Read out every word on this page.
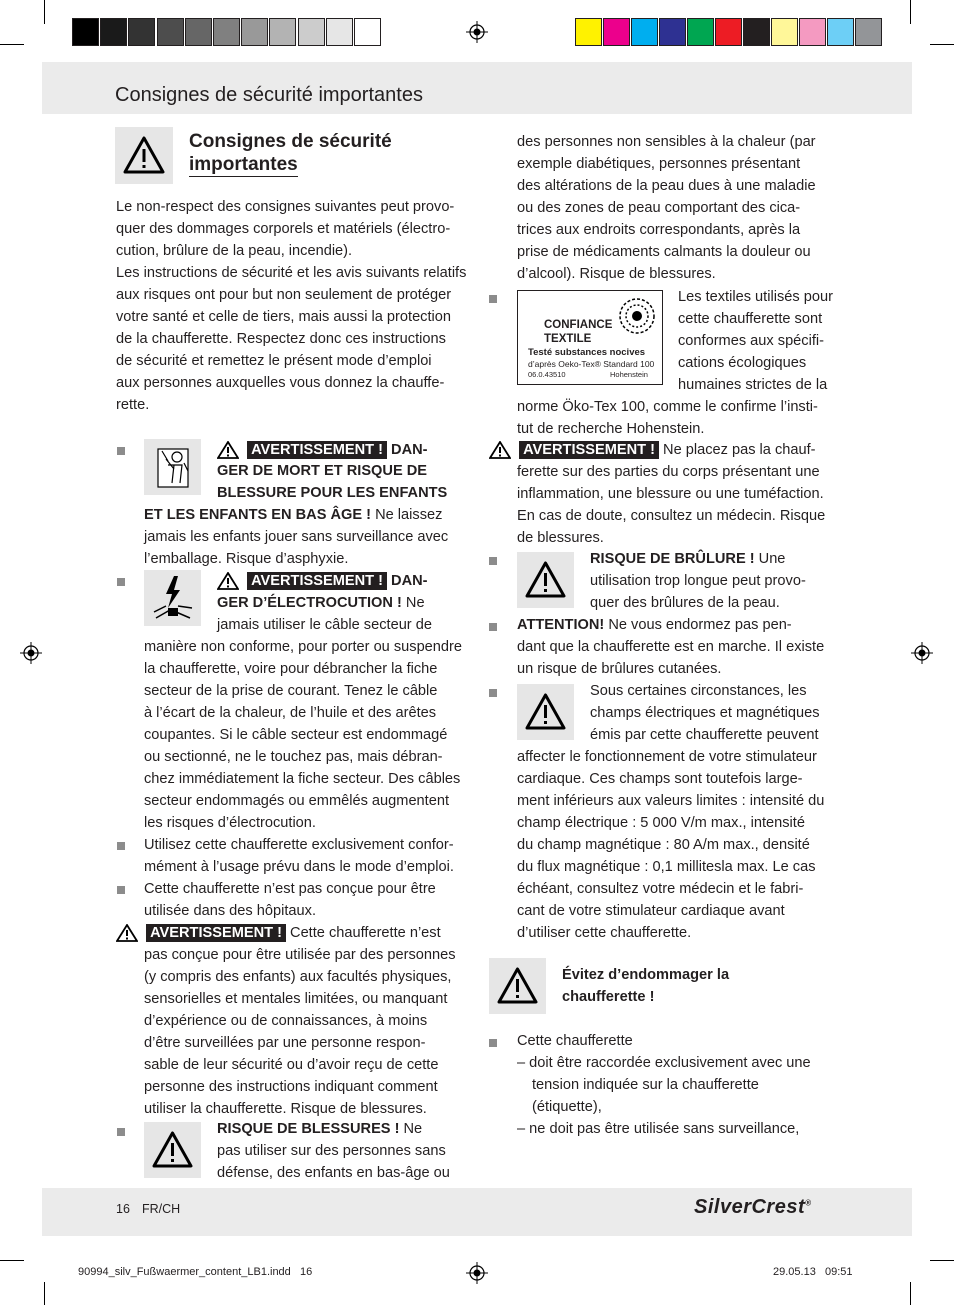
Consignes de sécurité importantes
Consignes de sécurité
importantes
Le non-respect des consignes suivantes peut provo-
quer des dommages corporels et matériels (électro-
cution, brûlure de la peau, incendie).
Les instructions de sécurité et les avis suivants relatifs
aux risques ont pour but non seulement de protéger
votre santé et celle de tiers, mais aussi la protection
de la chaufferette. Respectez donc ces instructions
de sécurité et remettez le présent mode d’emploi
aux personnes auxquelles vous donnez la chauffe-
rette.
AVERTISSEMENT ! DAN-
GER DE MORT ET RISQUE DE
BLESSURE POUR LES ENFANTS
ET LES ENFANTS EN BAS ÂGE ! Ne laissez
jamais les enfants jouer sans surveillance avec
l’emballage. Risque d’asphyxie.
AVERTISSEMENT ! DAN-
GER D’ÉLECTROCUTION ! Ne
jamais utiliser le câble secteur de
manière non conforme, pour porter ou suspendre
la chaufferette, voire pour débrancher la fiche
secteur de la prise de courant. Tenez le câble
à l’écart de la chaleur, de l’huile et des arêtes
coupantes. Si le câble secteur est endommagé
ou sectionné, ne le touchez pas, mais débran-
chez immédiatement la fiche secteur. Des câbles
secteur endommagés ou emmêlés augmentent
les risques d’électrocution.
Utilisez cette chaufferette exclusivement confor-
mément à l’usage prévu dans le mode d’emploi.
Cette chaufferette n’est pas conçue pour être
utilisée dans des hôpitaux.
AVERTISSEMENT ! Cette chaufferette n’est
pas conçue pour être utilisée par des personnes
(y compris des enfants) aux facultés physiques,
sensorielles et mentales limitées, ou manquant
d’expérience ou de connaissances, à moins
d’être surveillées par une personne respon-
sable de leur sécurité ou d’avoir reçu de cette
personne des instructions indiquant comment
utiliser la chaufferette. Risque de blessures.
RISQUE DE BLESSURES ! Ne
pas utiliser sur des personnes sans
défense, des enfants en bas-âge ou
des personnes non sensibles à la chaleur (par
exemple diabétiques, personnes présentant
des altérations de la peau dues à une maladie
ou des zones de peau comportant des cica-
trices aux endroits correspondants, après la
prise de médicaments calmants la douleur ou
d’alcool). Risque de blessures.
CONFIANCE
TEXTILE
Testé substances nocives
d’après Oeko-Tex® Standard 100
06.0.43510	Hohenstein
Les textiles utilisés pour
cette chaufferette sont
conformes aux spécifi-
cations écologiques
humaines strictes de la
norme Öko-Tex 100, comme le confirme l’insti-
tut de recherche Hohenstein.
AVERTISSEMENT ! Ne placez pas la chauf-
ferette sur des parties du corps présentant une
inflammation, une blessure ou une tuméfaction.
En cas de doute, consultez un médecin. Risque
de blessures.
RISQUE DE BRÛLURE ! Une
utilisation trop longue peut provo-
quer des brûlures de la peau.
ATTENTION! Ne vous endormez pas pen-
dant que la chaufferette est en marche. Il existe
un risque de brûlures cutanées.
Sous certaines circonstances, les
champs électriques et magnétiques
émis par cette chaufferette peuvent
affecter le fonctionnement de votre stimulateur
cardiaque. Ces champs sont toutefois large-
ment inférieurs aux valeurs limites : intensité du
champ électrique : 5 000 V/m max., intensité
du champ magnétique : 80 A/m max., densité
du flux magnétique : 0,1 millitesla max. Le cas
échéant, consultez votre médecin et le fabri-
cant de votre stimulateur cardiaque avant
d’utiliser cette chaufferette.
Évitez d’endommager la
chaufferette !
Cette chaufferette
– doit être raccordée exclusivement avec une
tension indiquée sur la chaufferette
(étiquette),
– ne doit pas être utilisée sans surveillance,
16 FR/CH	SilverCrest®
90994_silv_Fußwaermer_content_LB1.indd   16	29.05.13   09:51
